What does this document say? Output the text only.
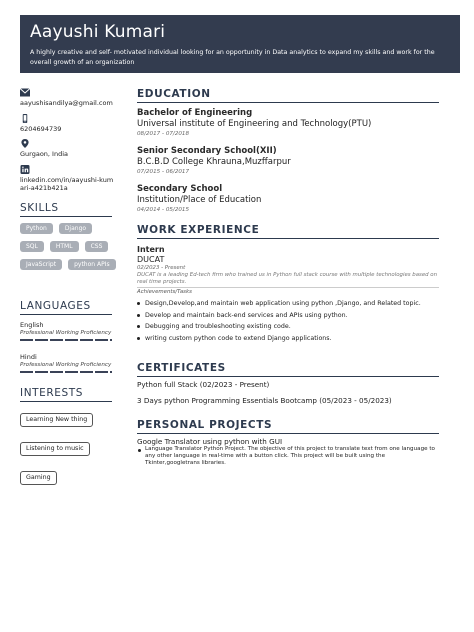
Aayushi Kumari
A highly creative and self- motivated individual looking for an opportunity in Data analytics to expand my skills and work for the overall growth of an organization
aayushisandilya@gmail.com
6204694739
Gurgaon, India
linkedin.com/in/aayushi-kumari-a421b421a
SKILLS
Python	Django
SQL	HTML	CSS
JavaScript	python APIs
LANGUAGES
English
Professional Working Proficiency
Hindi
Professional Working Proficiency
INTERESTS
Learning New thing
Listening to music
Gaming
EDUCATION
Bachelor of Engineering
Universal institute of Engineering and Technology(PTU)
08/2017 - 07/2018
Senior Secondary School(XII)
B.C.B.D College Khrauna,Muzffarpur
07/2015 - 06/2017
Secondary School
Institution/Place of Education
04/2014 - 05/2015
WORK EXPERIENCE
Intern
DUCAT
02/2023 - Present
DUCAT is a leading Ed-tech firm who trained us in Python full stack course with multiple technologies based on real time projects.
Achievements/Tasks
Design,Develop,and maintain web application using python ,Django, and Related topic.
Develop and maintain back-end services and APIs using python.
Debugging and troubleshooting existing code.
writing custom python code to extend Django applications.
CERTIFICATES
Python full Stack (02/2023 - Present)
3 Days python Programming Essentials Bootcamp (05/2023 - 05/2023)
PERSONAL PROJECTS
Google Translator using python with GUI
Language Translator Python Project. The objective of this project to translate text from one language to any other language in real-time with a button click. This project will be built using the Tkinter,googletrans libraries.
